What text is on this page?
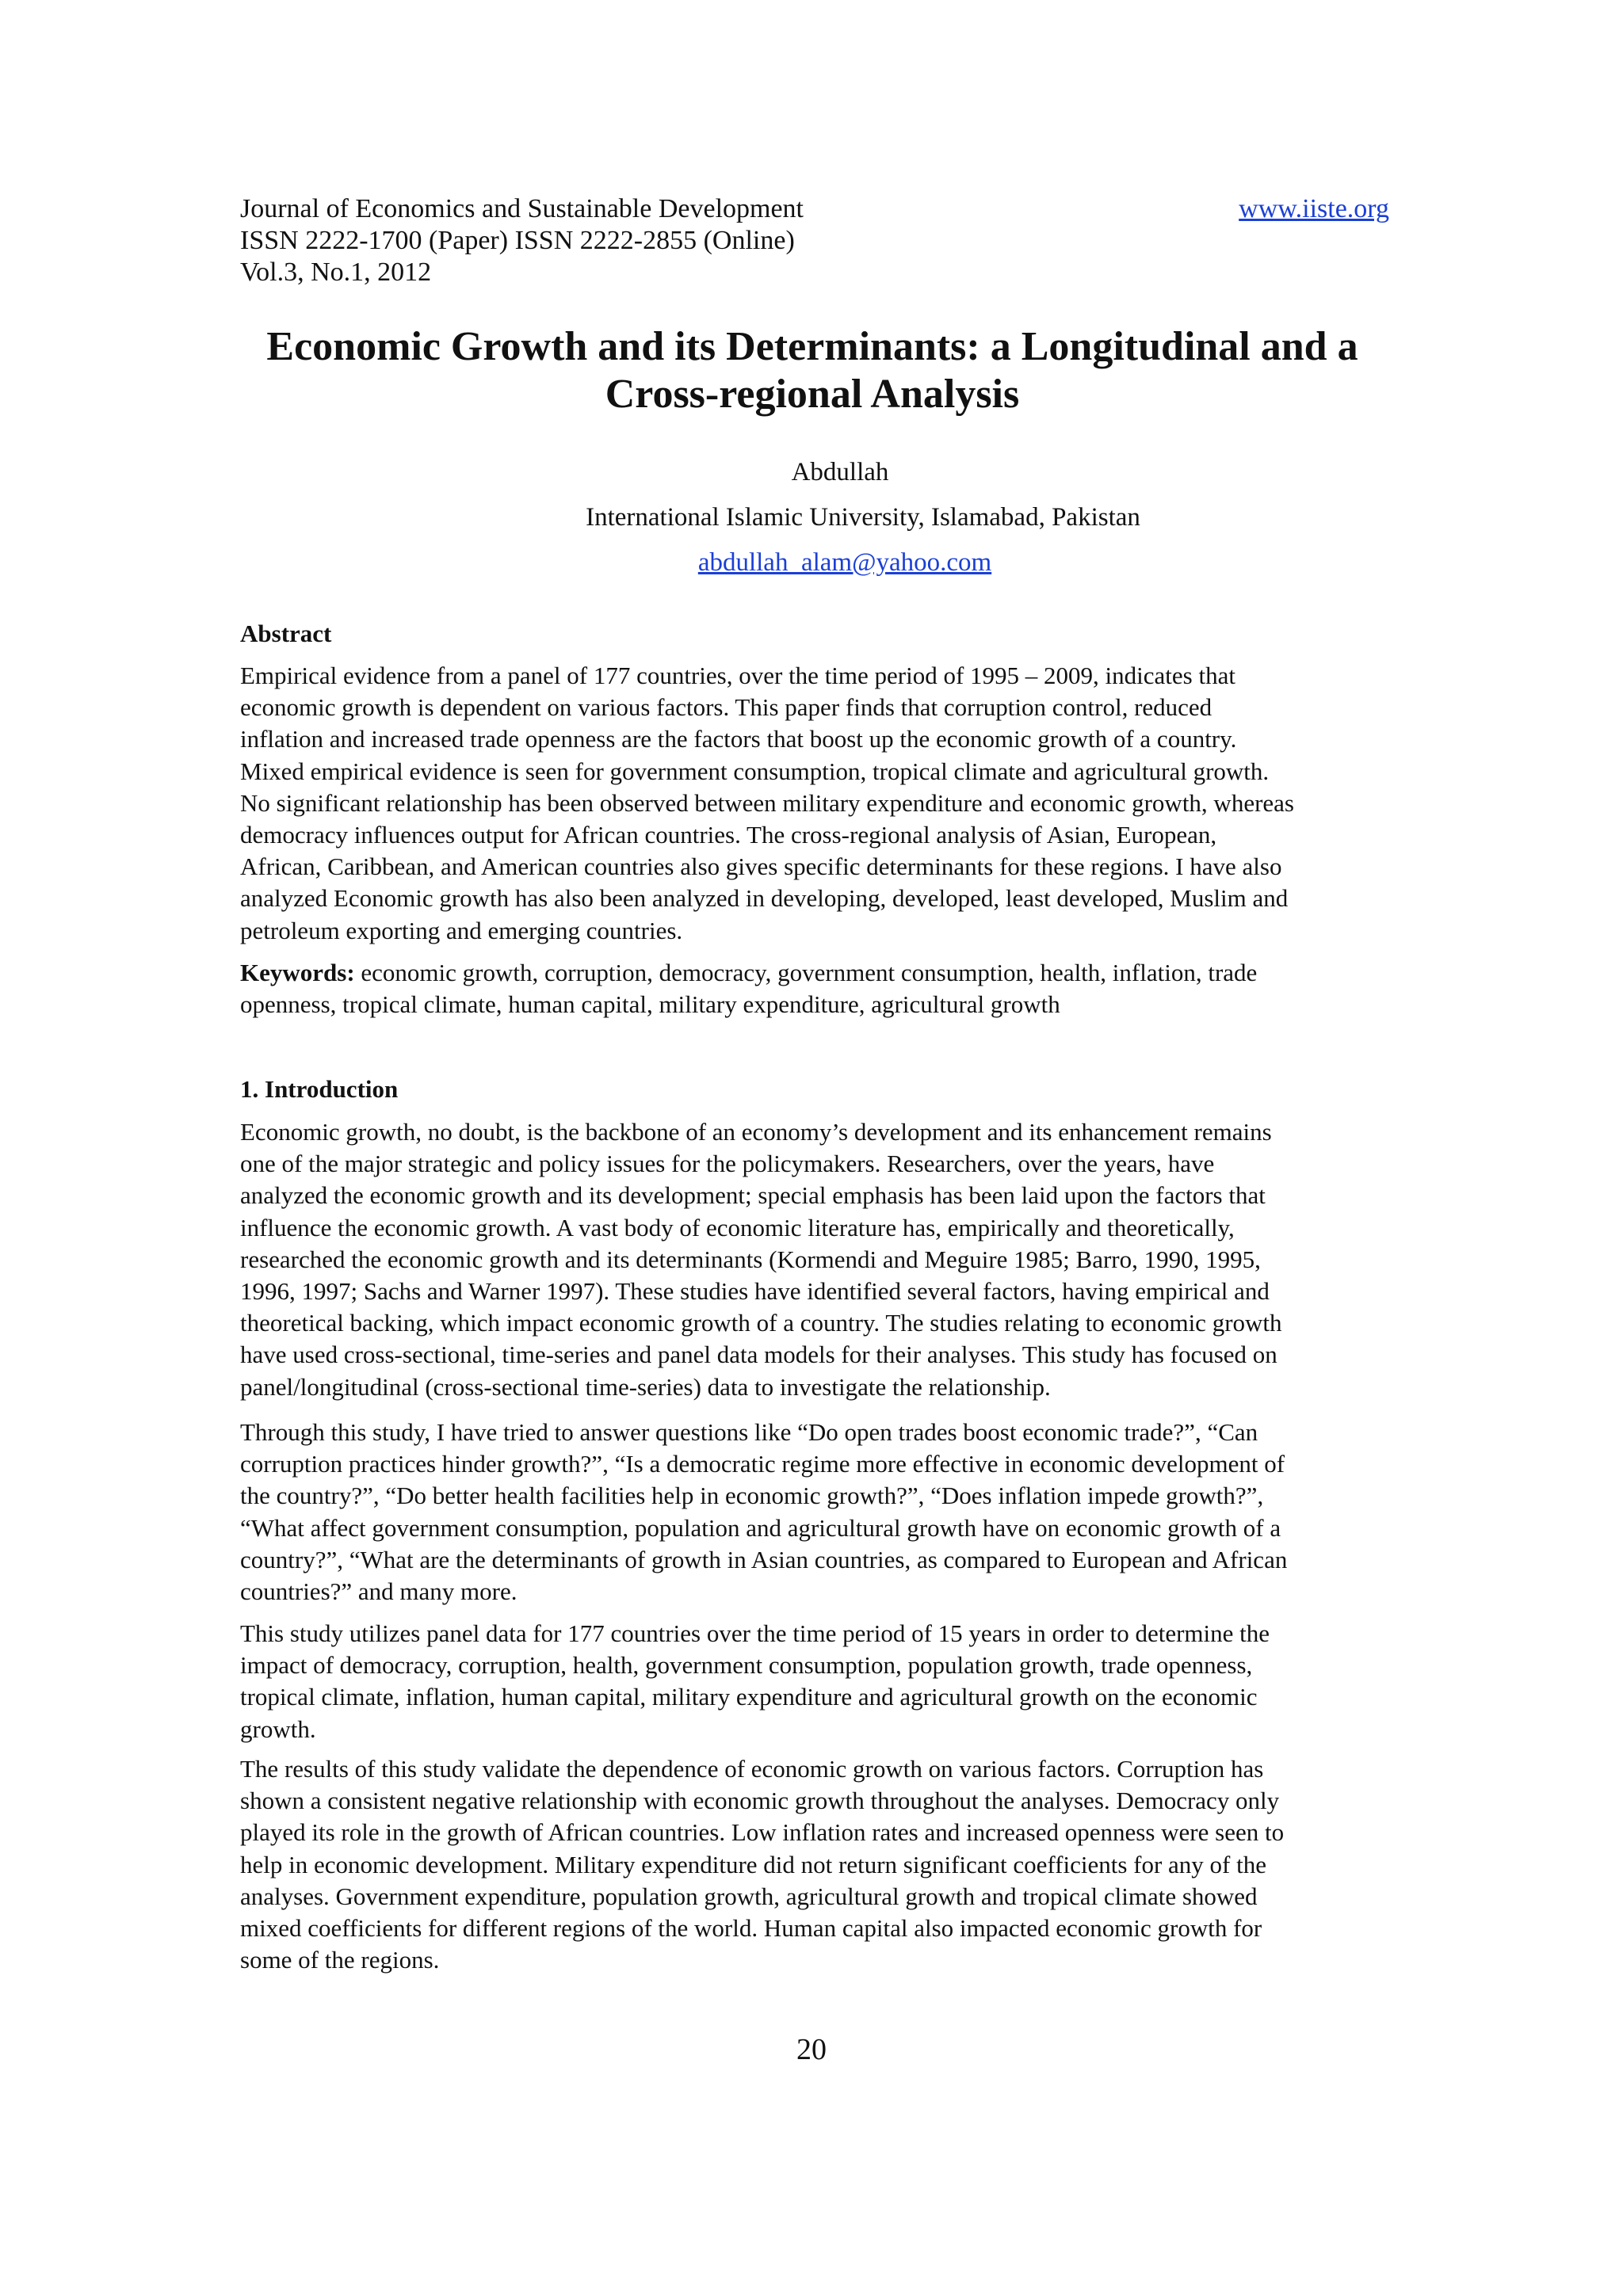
Journal of Economics and Sustainable Development
ISSN 2222-1700 (Paper) ISSN 2222-2855 (Online)
Vol.3, No.1, 2012
www.iiste.org
Economic Growth and its Determinants: a Longitudinal and a
Cross-regional Analysis
Abdullah
International Islamic University, Islamabad, Pakistan
abdullah_alam@yahoo.com
Abstract
Empirical evidence from a panel of 177 countries, over the time period of 1995 – 2009, indicates that
economic growth is dependent on various factors. This paper finds that corruption control, reduced
inflation and increased trade openness are the factors that boost up the economic growth of a country.
Mixed empirical evidence is seen for government consumption, tropical climate and agricultural growth.
No significant relationship has been observed between military expenditure and economic growth, whereas
democracy influences output for African countries. The cross-regional analysis of Asian, European,
African, Caribbean, and American countries also gives specific determinants for these regions. I have also
analyzed Economic growth has also been analyzed in developing, developed, least developed, Muslim and
petroleum exporting and emerging countries.
Keywords: economic growth, corruption, democracy, government consumption, health, inflation, trade
openness, tropical climate, human capital, military expenditure, agricultural growth
1. Introduction
Economic growth, no doubt, is the backbone of an economy’s development and its enhancement remains
one of the major strategic and policy issues for the policymakers. Researchers, over the years, have
analyzed the economic growth and its development; special emphasis has been laid upon the factors that
influence the economic growth. A vast body of economic literature has, empirically and theoretically,
researched the economic growth and its determinants (Kormendi and Meguire 1985; Barro, 1990, 1995,
1996, 1997; Sachs and Warner 1997). These studies have identified several factors, having empirical and
theoretical backing, which impact economic growth of a country. The studies relating to economic growth
have used cross-sectional, time-series and panel data models for their analyses. This study has focused on
panel/longitudinal (cross-sectional time-series) data to investigate the relationship.
Through this study, I have tried to answer questions like “Do open trades boost economic trade?”, “Can
corruption practices hinder growth?”, “Is a democratic regime more effective in economic development of
the country?”, “Do better health facilities help in economic growth?”, “Does inflation impede growth?”,
“What affect government consumption, population and agricultural growth have on economic growth of a
country?”, “What are the determinants of growth in Asian countries, as compared to European and African
countries?” and many more.
This study utilizes panel data for 177 countries over the time period of 15 years in order to determine the
impact of democracy, corruption, health, government consumption, population growth, trade openness,
tropical climate, inflation, human capital, military expenditure and agricultural growth on the economic
growth.
The results of this study validate the dependence of economic growth on various factors. Corruption has
shown a consistent negative relationship with economic growth throughout the analyses. Democracy only
played its role in the growth of African countries. Low inflation rates and increased openness were seen to
help in economic development. Military expenditure did not return significant coefficients for any of the
analyses. Government expenditure, population growth, agricultural growth and tropical climate showed
mixed coefficients for different regions of the world. Human capital also impacted economic growth for
some of the regions.
20
